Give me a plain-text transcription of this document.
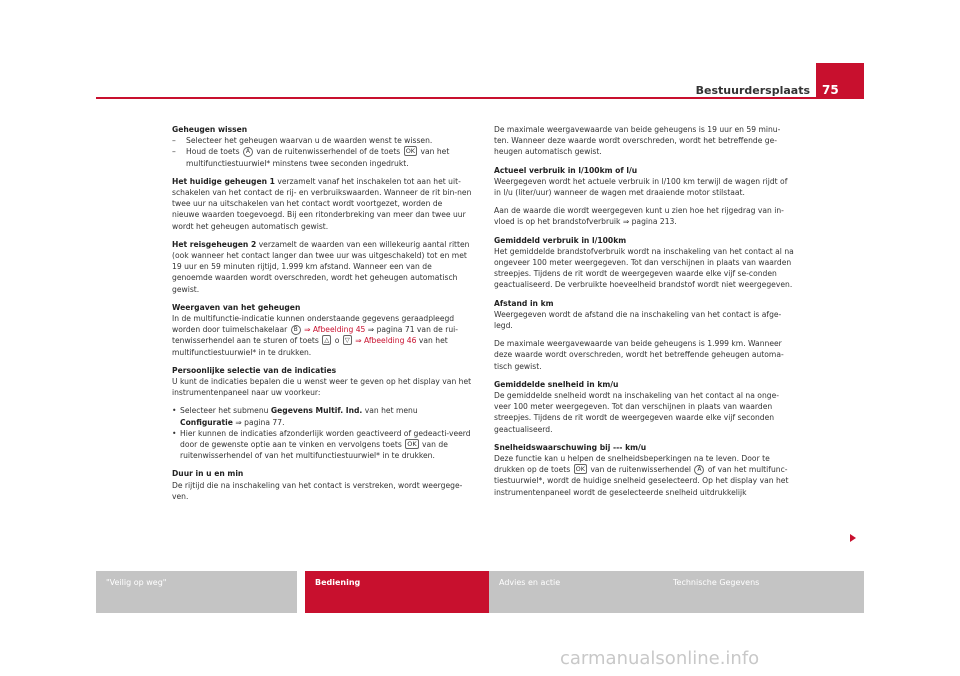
Bestuurdersplaats 75

Geheugen wissen
– Selecteer het geheugen waarvan u de waarden wenst te wissen.
– Houd de toets A van de ruitenwisserhendel of de toets OK van het multifunctiestuurwiel* minstens twee seconden ingedrukt.

Het huidige geheugen 1 verzamelt vanaf het inschakelen tot aan het uit-schakelen van het contact de rij- en verbruikswaarden. Wanneer de rit bin-nen twee uur na uitschakelen van het contact wordt voortgezet, worden de nieuwe waarden toegevoegd. Bij een ritonderbreking van meer dan twee uur wordt het geheugen automatisch gewist.

Het reisgeheugen 2 verzamelt de waarden van een willekeurig aantal ritten (ook wanneer het contact langer dan twee uur was uitgeschakeld) tot en met 19 uur en 59 minuten rijtijd, 1.999 km afstand. Wanneer een van de genoemde waarden wordt overschreden, wordt het geheugen automatisch gewist.

Weergaven van het geheugen
In de multifunctie-indicatie kunnen onderstaande gegevens geraadpleegd worden door tuimelschakelaar B ⇒ Afbeelding 45 ⇒ pagina 71 van de rui-tenwisserhendel aan te sturen of toets △ o ▽ ⇒ Afbeelding 46 van het multifunctiestuurwiel* in te drukken.

Persoonlijke selectie van de indicaties
U kunt de indicaties bepalen die u wenst weer te geven op het display van het instrumentenpaneel naar uw voorkeur:

• Selecteer het submenu Gegevens Multif. Ind. van het menu Configuratie ⇒ pagina 77.
• Hier kunnen de indicaties afzonderlijk worden geactiveerd of gedeacti-veerd door de gewenste optie aan te vinken en vervolgens toets OK van de ruitenwisserhendel of van het multifunctiestuurwiel* in te drukken.

Duur in u en min
De rijtijd die na inschakeling van het contact is verstreken, wordt weergege-ven.

De maximale weergavewaarde van beide geheugens is 19 uur en 59 minu-ten. Wanneer deze waarde wordt overschreden, wordt het betreffende ge-heugen automatisch gewist.

Actueel verbruik in l/100km of l/u
Weergegeven wordt het actuele verbruik in l/100 km terwijl de wagen rijdt of in l/u (liter/uur) wanneer de wagen met draaiende motor stilstaat.

Aan de waarde die wordt weergegeven kunt u zien hoe het rijgedrag van in-vloed is op het brandstofverbruik ⇒ pagina 213.

Gemiddeld verbruik in l/100km
Het gemiddelde brandstofverbruik wordt na inschakeling van het contact al na ongeveer 100 meter weergegeven. Tot dan verschijnen in plaats van waarden streepjes. Tijdens de rit wordt de weergegeven waarde elke vijf se-conden geactualiseerd. De verbruikte hoeveelheid brandstof wordt niet weergegeven.

Afstand in km
Weergegeven wordt de afstand die na inschakeling van het contact is afge-legd.

De maximale weergavewaarde van beide geheugens is 1.999 km. Wanneer deze waarde wordt overschreden, wordt het betreffende geheugen automa-tisch gewist.

Gemiddelde snelheid in km/u
De gemiddelde snelheid wordt na inschakeling van het contact al na onge-veer 100 meter weergegeven. Tot dan verschijnen in plaats van waarden streepjes. Tijdens de rit wordt de weergegeven waarde elke vijf seconden geactualiseerd.

Snelheidswaarschuwing bij --- km/u
Deze functie kan u helpen de snelheidsbeperkingen na te leven. Door te drukken op de toets OK van de ruitenwisserhendel A of van het multifunc-tiestuurwiel*, wordt de huidige snelheid geselecteerd. Op het display van het instrumentenpaneel wordt de geselecteerde snelheid uitdrukkelijk

"Veilig op weg"	Bediening	Advies en actie	Technische Gegevens
carmanualsonline.info
